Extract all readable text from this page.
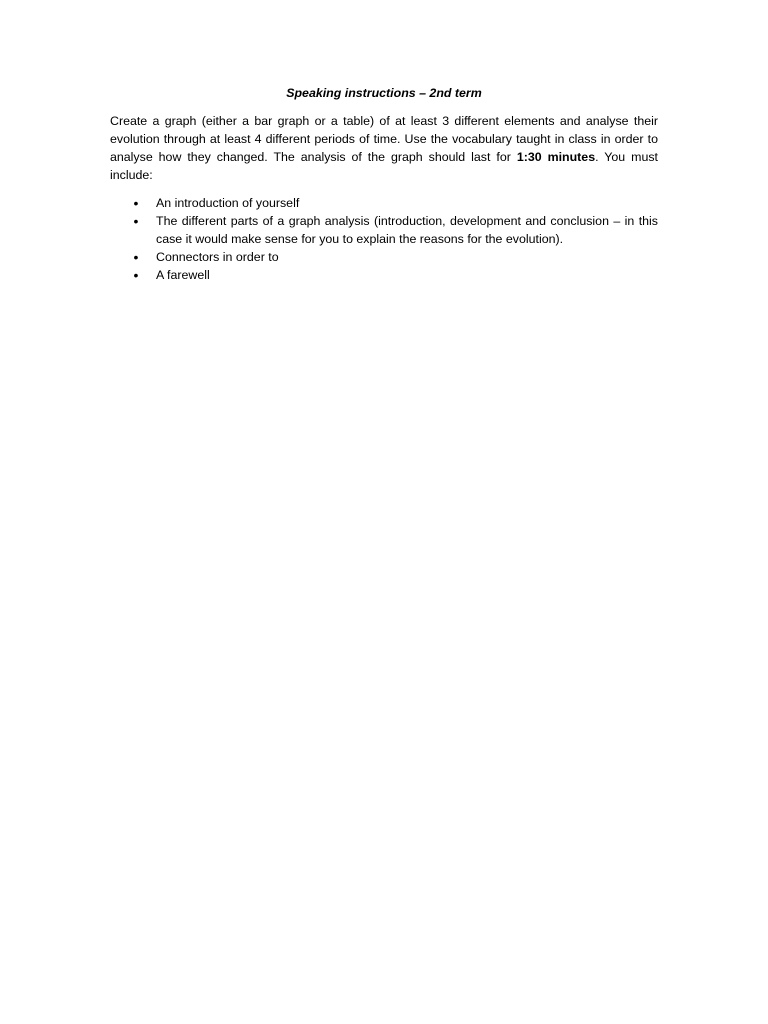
Speaking instructions – 2nd term

Create a graph (either a bar graph or a table) of at least 3 different elements and analyse their evolution through at least 4 different periods of time. Use the vocabulary taught in class in order to analyse how they changed. The analysis of the graph should last for 1:30 minutes. You must include:

• An introduction of yourself
• The different parts of a graph analysis (introduction, development and conclusion – in this case it would make sense for you to explain the reasons for the evolution).
• Connectors in order to
• A farewell
